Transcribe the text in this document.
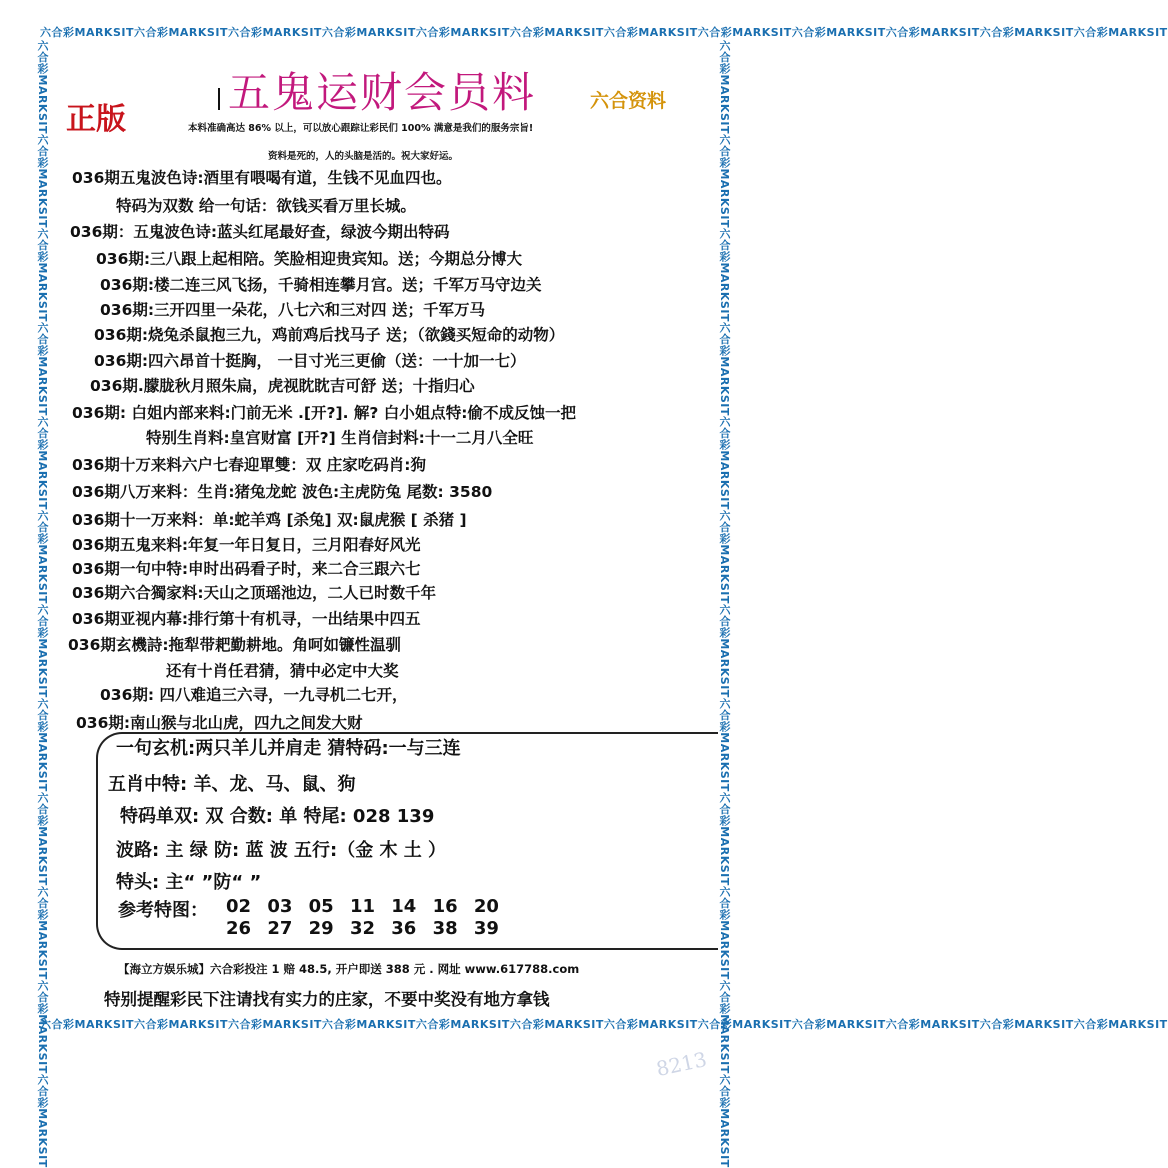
六合彩MARKSIT六合彩MARKSIT六合彩MARKSIT六合彩MARKSIT六合彩MARKSIT六合彩MARKSIT六合彩MARKSIT六合彩MARKSIT六合彩MARKSIT六合彩MARKSIT六合彩MARKSIT六合彩MARKSIT
六合彩MARKSIT六合彩MARKSIT六合彩MARKSIT六合彩MARKSIT六合彩MARKSIT六合彩MARKSIT六合彩MARKSIT六合彩MARKSIT六合彩MARKSIT六合彩MARKSIT六合彩MARKSIT六合彩MARKSIT
六合彩MARKSIT六合彩MARKSIT六合彩MARKSIT六合彩MARKSIT六合彩MARKSIT六合彩MARKSIT六合彩MARKSIT六合彩MARKSIT六合彩MARKSIT六合彩MARKSIT六合彩MARKSIT六合彩MARKSIT	六合彩MARKSIT六合彩MARKSIT六合彩MARKSIT六合彩MARKSIT六合彩MARKSIT六合彩MARKSIT六合彩MARKSIT六合彩MARKSIT六合彩MARKSIT六合彩MARKSIT六合彩MARKSIT六合彩MARKSIT
五鬼运财会员料	六合资料
正版	本料准确高达 86% 以上，可以放心跟踪让彩民们 100% 满意是我们的服务宗旨!
资料是死的，人的头脑是活的。祝大家好运。
036期五鬼波色诗:酒里有喂喝有道，生钱不见血四也。
特码为双数 给一句话：欲钱买看万里长城。
036期：五鬼波色诗:蓝头红尾最好查，绿波今期出特码
036期:三八跟上起相陪。笑脸相迎贵宾知。送；今期总分博大
036期:楼二连三风飞扬，千骑相连攀月宫。送；千军万马守边关
036期:三开四里一朵花，八七六和三对四 送；千军万马
036期:烧兔杀鼠抱三九，鸡前鸡后找马子 送；（欲錢买短命的动物）
036期:四六昂首十挺胸， 一目寸光三更偷（送：一十加一七）
036期.朦胧秋月照朱扁，虎视眈眈吉可舒 送；十指归心
036期: 白姐内部来料:门前无米 .[开?]. 解? 白小姐点特:偷不成反蚀一把
特别生肖料:皇宫财富 [开?] 生肖信封料:十一二月八全旺
036期十万来料六户七春迎單雙：双 庄家吃码肖:狗
036期八万来料：生肖:猪兔龙蛇 波色:主虎防兔 尾数: 3580
036期十一万来料：单:蛇羊鸡 [杀兔] 双:鼠虎猴 [ 杀猪 ]
036期五鬼来料:年复一年日复日，三月阳春好风光
036期一句中特:申时出码看子时，来二合三跟六七
036期六合獨家料:天山之顶瑶池边，二人已时数千年
036期亚视内幕:排行第十有机寻，一出结果中四五
036期玄機詩:拖犁带耙勤耕地。角呵如镰性温驯
还有十肖任君猜，猜中必定中大奖
036期: 四八难追三六寻，一九寻机二七开，
036期:南山猴与北山虎，四九之间发大财
一句玄机:两只羊儿并肩走 猜特码:一与三连
五肖中特: 羊、龙、马、鼠、狗
特码单双: 双 合数: 单 特尾: 028 139
波路: 主 绿 防: 蓝 波 五行:（金 木 土 ）
特头: 主“ ”防“ ”
参考特图： 02 03 05 11 14 16 20
26 27 29 32 36 38 39
【海立方娱乐城】六合彩投注 1 赔 48.5, 开户即送 388 元 . 网址 www.617788.com
特别提醒彩民下注请找有实力的庄家，不要中奖没有地方拿钱
8213
